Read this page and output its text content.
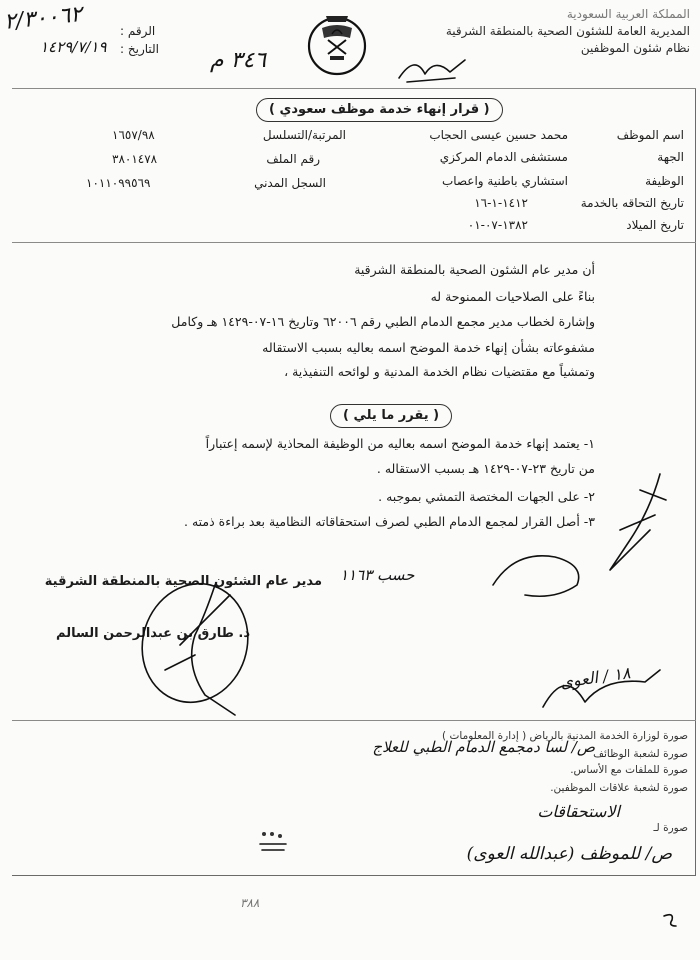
المملكة العربية السعودية
المديرية العامة للشئون الصحية بالمنطقة الشرقية
نظام شئون الموظفين
الرقم :
التاريخ :
٢/٣٠٠٦٢
١٤٢٩/٧/١٩
٣٤٦ م
( قرار إنهاء خدمة موظف سعودي )
اسم الموظف
محمد حسين عيسى الحجاب
الجهة
مستشفى الدمام المركزي
الوظيفة
استشاري باطنية واعصاب
تاريخ التحاقه بالخدمة
١٤١٢-١-١٦
تاريخ الميلاد
١٣٨٢-٠٧-٠١
المرتبة/التسلسل
١٦٥٧/٩٨
رقم الملف
٣٨٠١٤٧٨
السجل المدني
١٠١١٠٩٩٥٦٩
أن مدير عام الشئون الصحية بالمنطقة الشرقية
بناءً على الصلاحيات الممنوحة له
وإشارة لخطاب مدير مجمع الدمام الطبي رقم ٦٢٠٠٦ وتاريخ ١٦-٠٧-١٤٢٩ هـ وكامل
مشفوعاته بشأن إنهاء خدمة الموضح اسمه بعاليه بسبب الاستقاله
وتمشياً مع مقتضيات نظام الخدمة المدنية و لوائحه التنفيذية ،
( يقرر ما يلي )
١- يعتمد إنهاء خدمة الموضح اسمه بعاليه من الوظيفة المحاذية لإسمه إعتباراً
من تاريخ ٢٣-٠٧-١٤٢٩ هـ بسبب الاستقاله .
٢- على الجهات المختصة التمشي بموجبه .
٣- أصل القرار لمجمع الدمام الطبي لصرف استحقاقاته النظامية بعد براءة ذمته .
مدير عام الشئون الصحية بالمنطقة الشرقية حسب ١١٦٣
د. طارق بن عبدالرحمن السالم
١٨ / العوى
صورة لوزارة الخدمة المدنية بالرياض ( إدارة المعلومات )
صورة لشعبة الوظائف
صورة للملفات مع الأساس.
صورة لشعبة علاقات الموظفين.
صورة لـ
ص/ لسا دمجمع الدمام الطبي للعلاج
الاستحقاقات
ص/ للموظف (عبدالله العوى)
٣٨٨
